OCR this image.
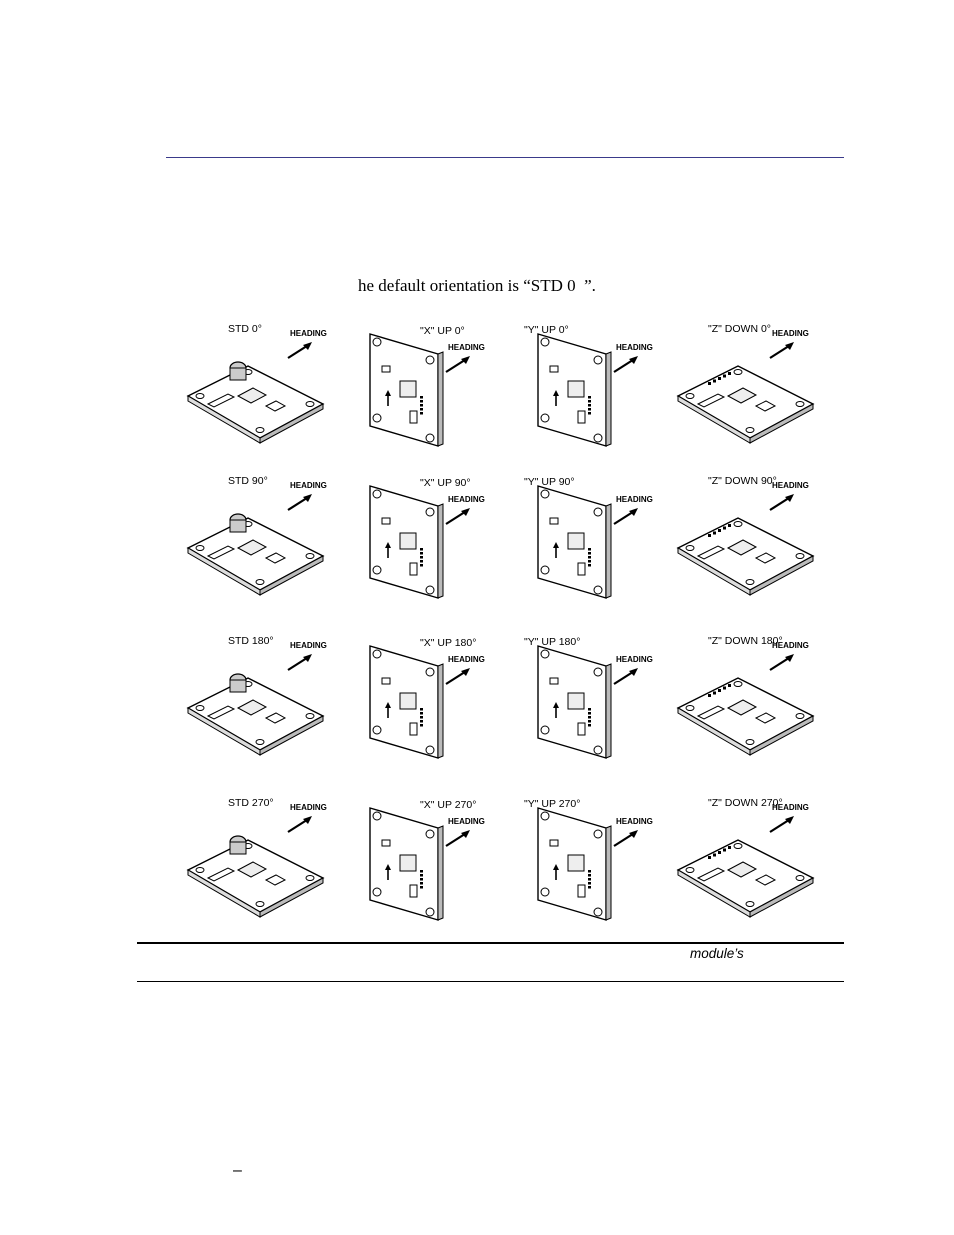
he default orientation is “STD 0  ”.
STD 0°	HEADING	"X" UP 0°
HEADING
"Y" UP 0°
HEADING
"Z" DOWN 0° HEADING
STD 90°	HEADING	"X" UP 90°
HEADING
"Y" UP 90°
HEADING
"Z" DOWN 90°
HEADING
STD 180° HEADING	"X" UP 180°
HEADING
"Y" UP 180°
HEADING
"Z" DOWN 180°
HEADING
STD 270° HEADING	"X" UP 270°
HEADING
"Y" UP 270°
HEADING
"Z" DOWN 270°
HEADING
module’s
–
